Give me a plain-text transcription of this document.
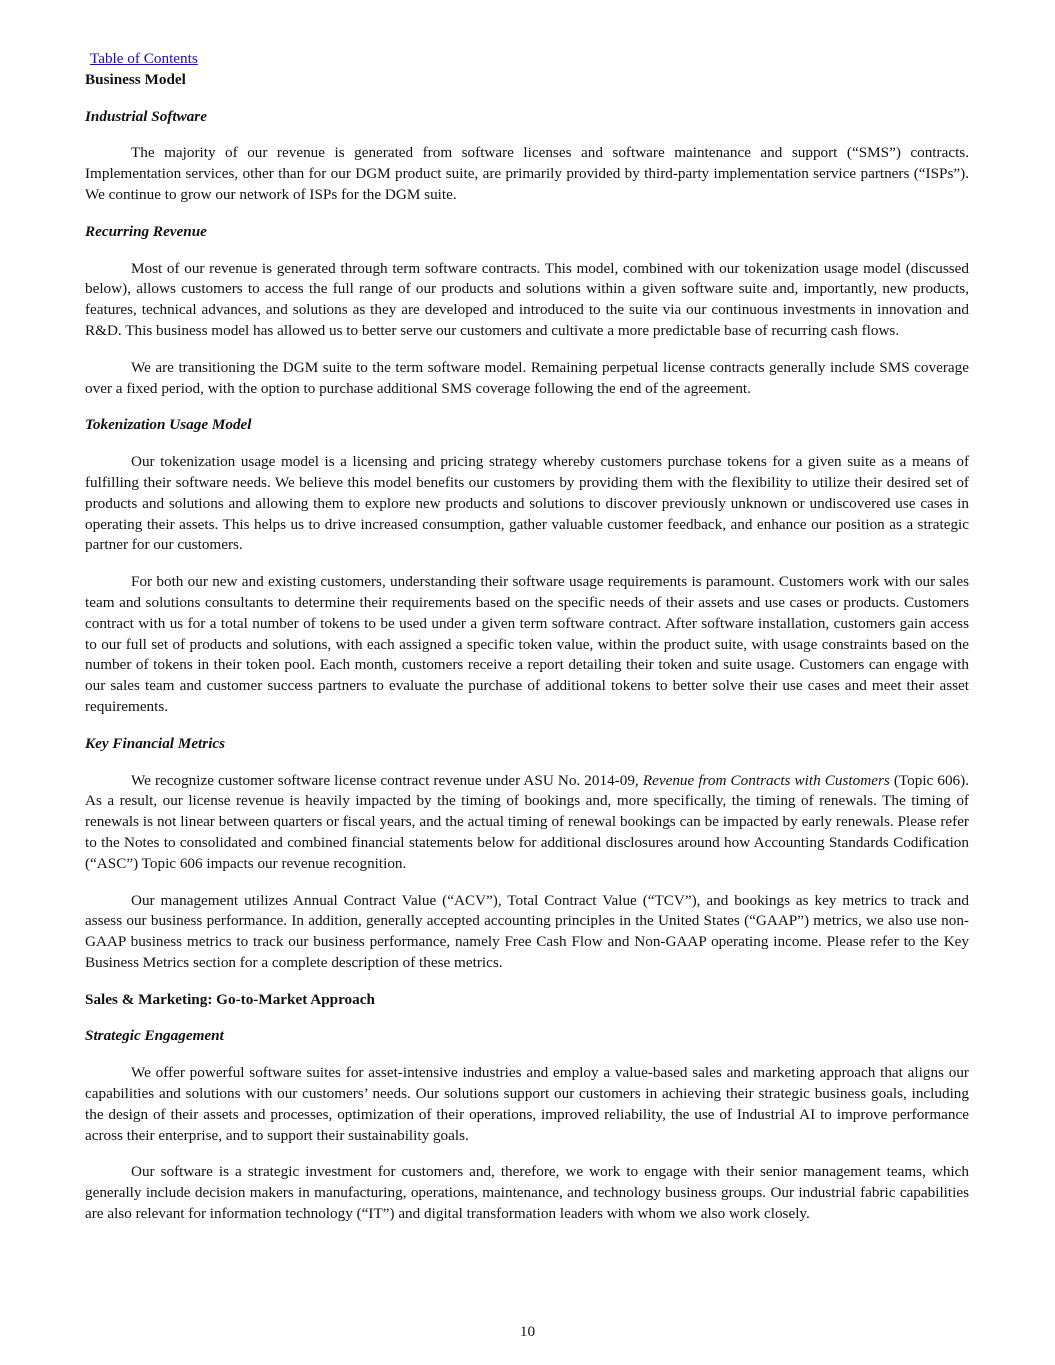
Table of Contents
Business Model
Industrial Software

The majority of our revenue is generated from software licenses and software maintenance and support (“SMS”) contracts. Implementation services, other than for our DGM product suite, are primarily provided by third-party implementation service partners (“ISPs”). We continue to grow our network of ISPs for the DGM suite.

Recurring Revenue

Most of our revenue is generated through term software contracts. This model, combined with our tokenization usage model (discussed below), allows customers to access the full range of our products and solutions within a given software suite and, importantly, new products, features, technical advances, and solutions as they are developed and introduced to the suite via our continuous investments in innovation and R&D. This business model has allowed us to better serve our customers and cultivate a more predictable base of recurring cash flows.

We are transitioning the DGM suite to the term software model. Remaining perpetual license contracts generally include SMS coverage over a fixed period, with the option to purchase additional SMS coverage following the end of the agreement.

Tokenization Usage Model

Our tokenization usage model is a licensing and pricing strategy whereby customers purchase tokens for a given suite as a means of fulfilling their software needs. We believe this model benefits our customers by providing them with the flexibility to utilize their desired set of products and solutions and allowing them to explore new products and solutions to discover previously unknown or undiscovered use cases in operating their assets. This helps us to drive increased consumption, gather valuable customer feedback, and enhance our position as a strategic partner for our customers.

For both our new and existing customers, understanding their software usage requirements is paramount. Customers work with our sales team and solutions consultants to determine their requirements based on the specific needs of their assets and use cases or products. Customers contract with us for a total number of tokens to be used under a given term software contract. After software installation, customers gain access to our full set of products and solutions, with each assigned a specific token value, within the product suite, with usage constraints based on the number of tokens in their token pool. Each month, customers receive a report detailing their token and suite usage. Customers can engage with our sales team and customer success partners to evaluate the purchase of additional tokens to better solve their use cases and meet their asset requirements.

Key Financial Metrics

We recognize customer software license contract revenue under ASU No. 2014-09, Revenue from Contracts with Customers (Topic 606). As a result, our license revenue is heavily impacted by the timing of bookings and, more specifically, the timing of renewals. The timing of renewals is not linear between quarters or fiscal years, and the actual timing of renewal bookings can be impacted by early renewals. Please refer to the Notes to consolidated and combined financial statements below for additional disclosures around how Accounting Standards Codification (“ASC”) Topic 606 impacts our revenue recognition.

Our management utilizes Annual Contract Value (“ACV”), Total Contract Value (“TCV”), and bookings as key metrics to track and assess our business performance. In addition, generally accepted accounting principles in the United States (“GAAP”) metrics, we also use non-GAAP business metrics to track our business performance, namely Free Cash Flow and Non-GAAP operating income. Please refer to the Key Business Metrics section for a complete description of these metrics.

Sales & Marketing: Go-to-Market Approach
Strategic Engagement

We offer powerful software suites for asset-intensive industries and employ a value-based sales and marketing approach that aligns our capabilities and solutions with our customers’ needs. Our solutions support our customers in achieving their strategic business goals, including the design of their assets and processes, optimization of their operations, improved reliability, the use of Industrial AI to improve performance across their enterprise, and to support their sustainability goals.

Our software is a strategic investment for customers and, therefore, we work to engage with their senior management teams, which generally include decision makers in manufacturing, operations, maintenance, and technology business groups. Our industrial fabric capabilities are also relevant for information technology (“IT”) and digital transformation leaders with whom we also work closely.

10
